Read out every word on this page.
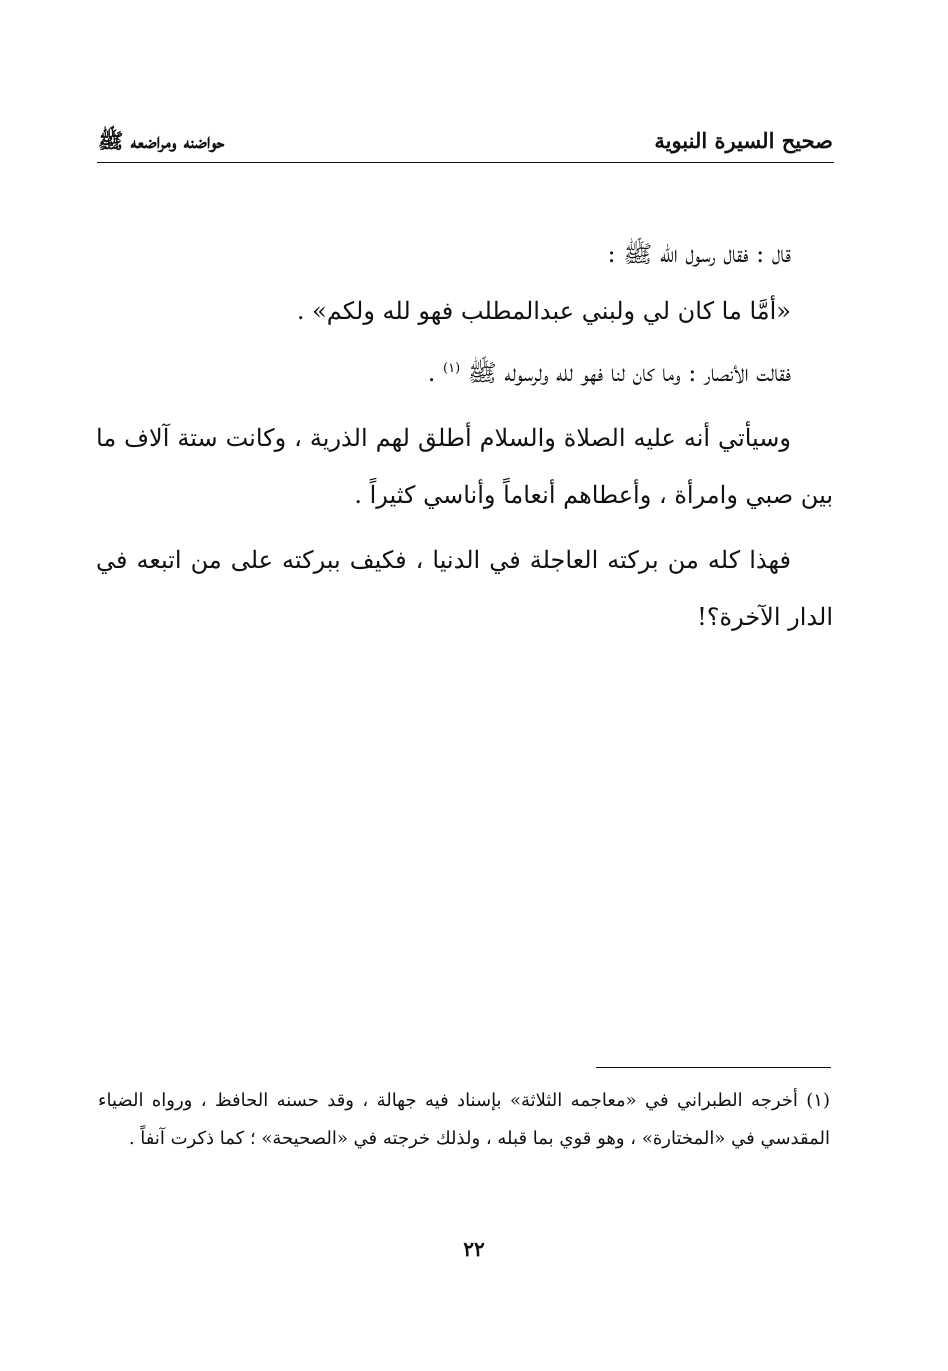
صحيح السيرة النبوية
حواضنه ومراضعه ﷺ

قال : فقال رسول الله ﷺ :

«أمَّا ما كان لي ولبني عبدالمطلب فهو لله ولكم» .

فقالت الأنصار : وما كان لنا فهو لله ولرسوله ﷺ $^{(١)}$ .

وسيأتي أنه عليه الصلاة والسلام أطلق لهم الذرية ، وكانت ستة آلاف ما بين صبي وامرأة ، وأعطاهم أنعاماً وأناسي كثيراً .

فهذا كله من بركته العاجلة في الدنيا ، فكيف ببركته على من اتبعه في الدار الآخرة؟!

(١) أخرجه الطبراني في «معاجمه الثلاثة» بإسناد فيه جهالة ، وقد حسنه الحافظ ، ورواه الضياء المقدسي في «المختارة» ، وهو قوي بما قبله ، ولذلك خرجته في «الصحيحة» ؛ كما ذكرت آنفاً .

٢٢
